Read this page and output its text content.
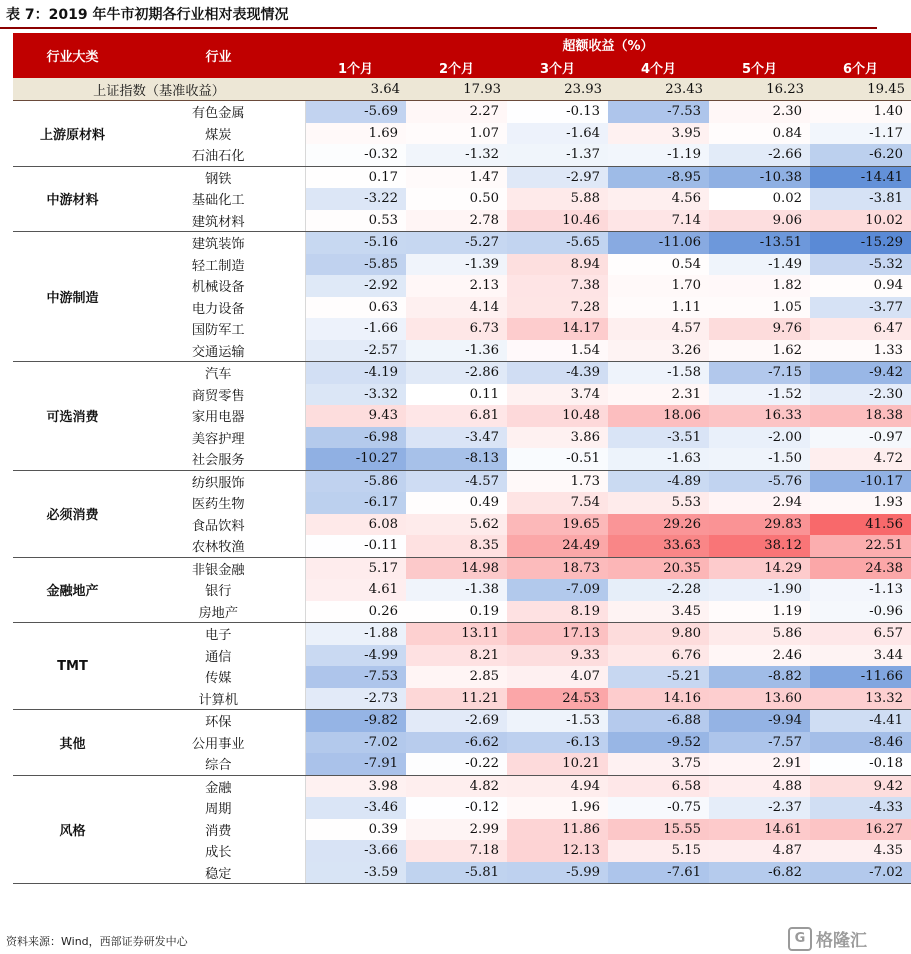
表 7：2019 年牛市初期各行业相对表现情况
行业大类	行业	超额收益（%）					
		1个月	2个月	3个月	4个月	5个月	6个月
上证指数（基准收益）		3.64	17.93	23.93	23.43	16.23	19.45
上游原材料	有色金属	-5.69	2.27	-0.13	-7.53	2.30	1.40
	煤炭	1.69	1.07	-1.64	3.95	0.84	-1.17
	石油石化	-0.32	-1.32	-1.37	-1.19	-2.66	-6.20
中游材料	钢铁	0.17	1.47	-2.97	-8.95	-10.38	-14.41
	基础化工	-3.22	0.50	5.88	4.56	0.02	-3.81
	建筑材料	0.53	2.78	10.46	7.14	9.06	10.02
中游制造	建筑装饰	-5.16	-5.27	-5.65	-11.06	-13.51	-15.29
	轻工制造	-5.85	-1.39	8.94	0.54	-1.49	-5.32
	机械设备	-2.92	2.13	7.38	1.70	1.82	0.94
	电力设备	0.63	4.14	7.28	1.11	1.05	-3.77
	国防军工	-1.66	6.73	14.17	4.57	9.76	6.47
	交通运输	-2.57	-1.36	1.54	3.26	1.62	1.33
可选消费	汽车	-4.19	-2.86	-4.39	-1.58	-7.15	-9.42
	商贸零售	-3.32	0.11	3.74	2.31	-1.52	-2.30
	家用电器	9.43	6.81	10.48	18.06	16.33	18.38
	美容护理	-6.98	-3.47	3.86	-3.51	-2.00	-0.97
	社会服务	-10.27	-8.13	-0.51	-1.63	-1.50	4.72
必须消费	纺织服饰	-5.86	-4.57	1.73	-4.89	-5.76	-10.17
	医药生物	-6.17	0.49	7.54	5.53	2.94	1.93
	食品饮料	6.08	5.62	19.65	29.26	29.83	41.56
	农林牧渔	-0.11	8.35	24.49	33.63	38.12	22.51
金融地产	非银金融	5.17	14.98	18.73	20.35	14.29	24.38
	银行	4.61	-1.38	-7.09	-2.28	-1.90	-1.13
	房地产	0.26	0.19	8.19	3.45	1.19	-0.96
TMT	电子	-1.88	13.11	17.13	9.80	5.86	6.57
	通信	-4.99	8.21	9.33	6.76	2.46	3.44
	传媒	-7.53	2.85	4.07	-5.21	-8.82	-11.66
	计算机	-2.73	11.21	24.53	14.16	13.60	13.32
其他	环保	-9.82	-2.69	-1.53	-6.88	-9.94	-4.41
	公用事业	-7.02	-6.62	-6.13	-9.52	-7.57	-8.46
	综合	-7.91	-0.22	10.21	3.75	2.91	-0.18
风格	金融	3.98	4.82	4.94	6.58	4.88	9.42
	周期	-3.46	-0.12	1.96	-0.75	-2.37	-4.33
	消费	0.39	2.99	11.86	15.55	14.61	16.27
	成长	-3.66	7.18	12.13	5.15	4.87	4.35
	稳定	-3.59	-5.81	-5.99	-7.61	-6.82	-7.02
资料来源：Wind，西部证券研发中心	G 格隆汇
